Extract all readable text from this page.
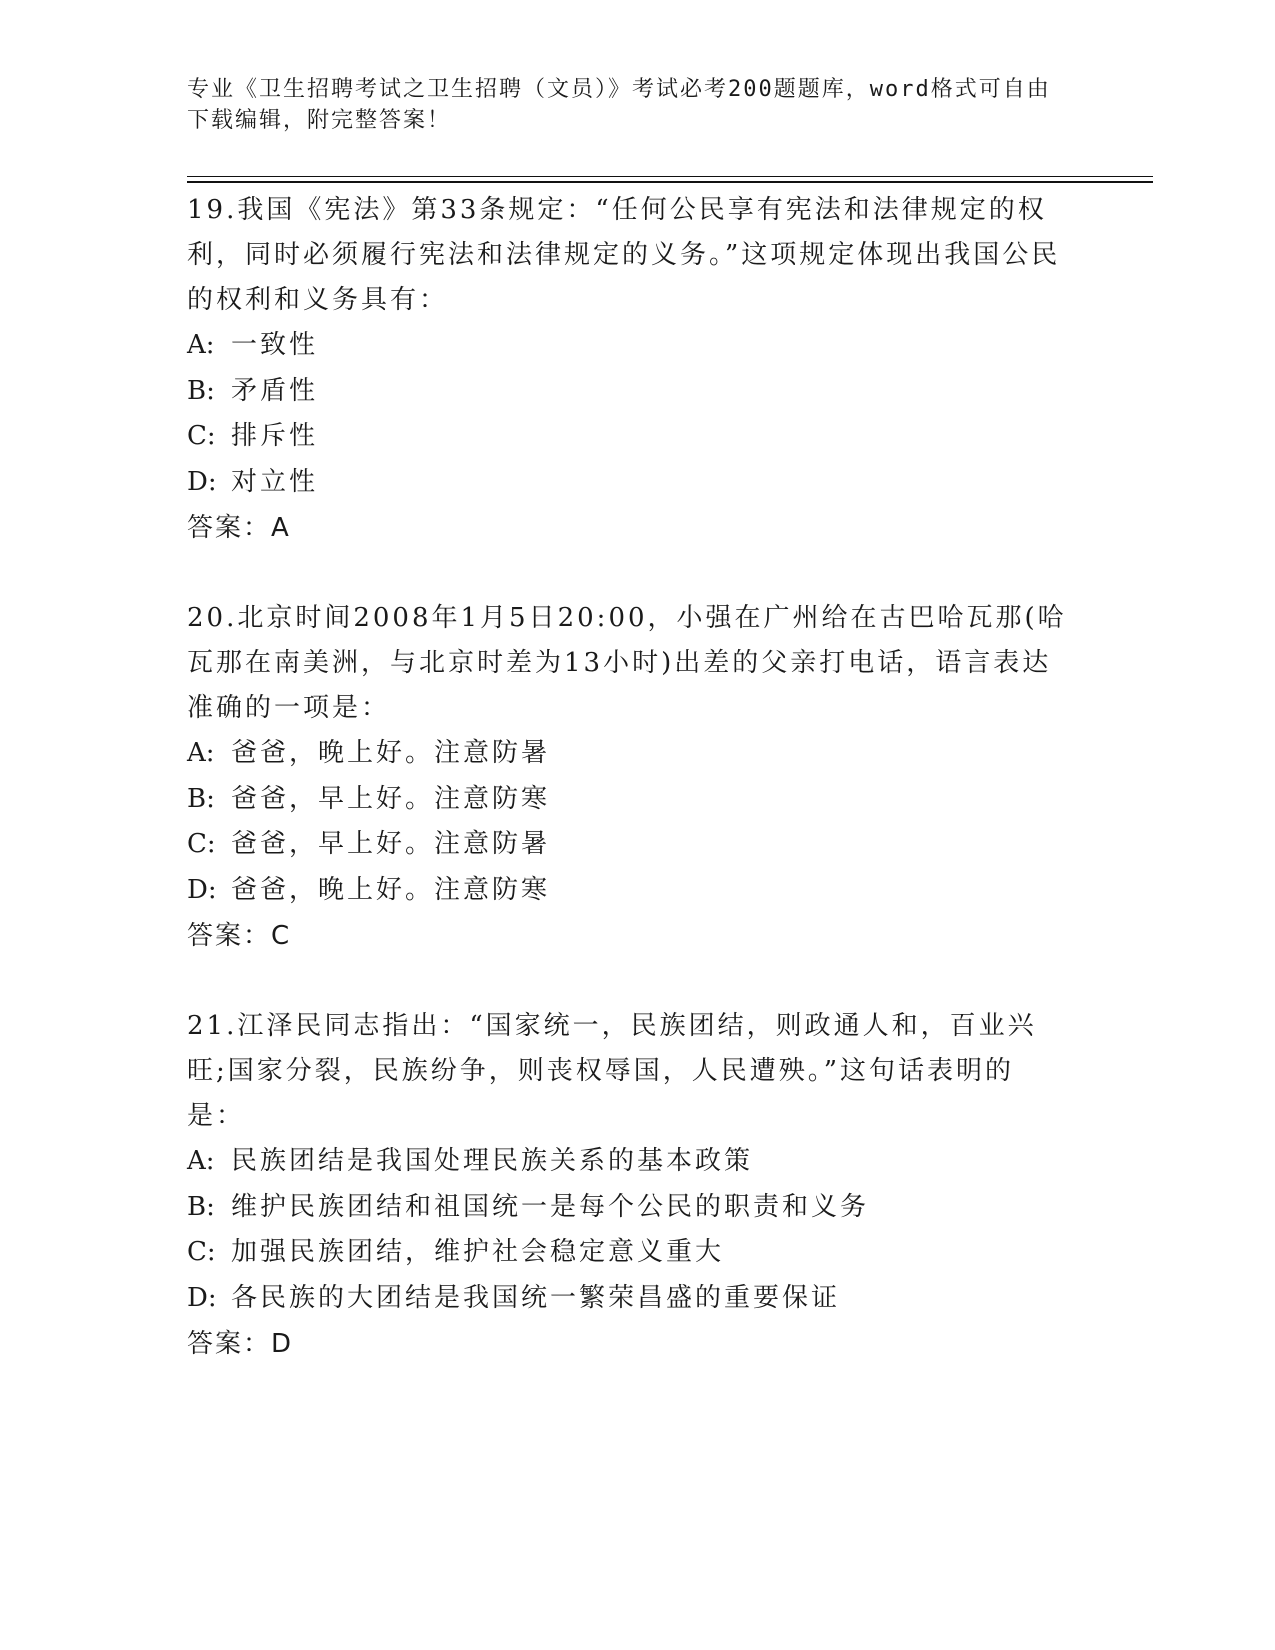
专业《卫生招聘考试之卫生招聘（文员）》考试必考200题题库，word格式可自由下载编辑，附完整答案！

19.我国《宪法》第33条规定：“任何公民享有宪法和法律规定的权利，同时必须履行宪法和法律规定的义务。”这项规定体现出我国公民的权利和义务具有：

A: 一致性

B: 矛盾性

C: 排斥性

D: 对立性

答案：A

20.北京时间2008年1月5日20:00，小强在广州给在古巴哈瓦那(哈瓦那在南美洲，与北京时差为13小时)出差的父亲打电话，语言表达准确的一项是：

A: 爸爸，晚上好。注意防暑

B: 爸爸，早上好。注意防寒

C: 爸爸，早上好。注意防暑

D: 爸爸，晚上好。注意防寒

答案：C

21.江泽民同志指出：“国家统一，民族团结，则政通人和，百业兴旺;国家分裂，民族纷争，则丧权辱国，人民遭殃。”这句话表明的是：

A: 民族团结是我国处理民族关系的基本政策

B: 维护民族团结和祖国统一是每个公民的职责和义务

C: 加强民族团结，维护社会稳定意义重大

D: 各民族的大团结是我国统一繁荣昌盛的重要保证

答案：D
